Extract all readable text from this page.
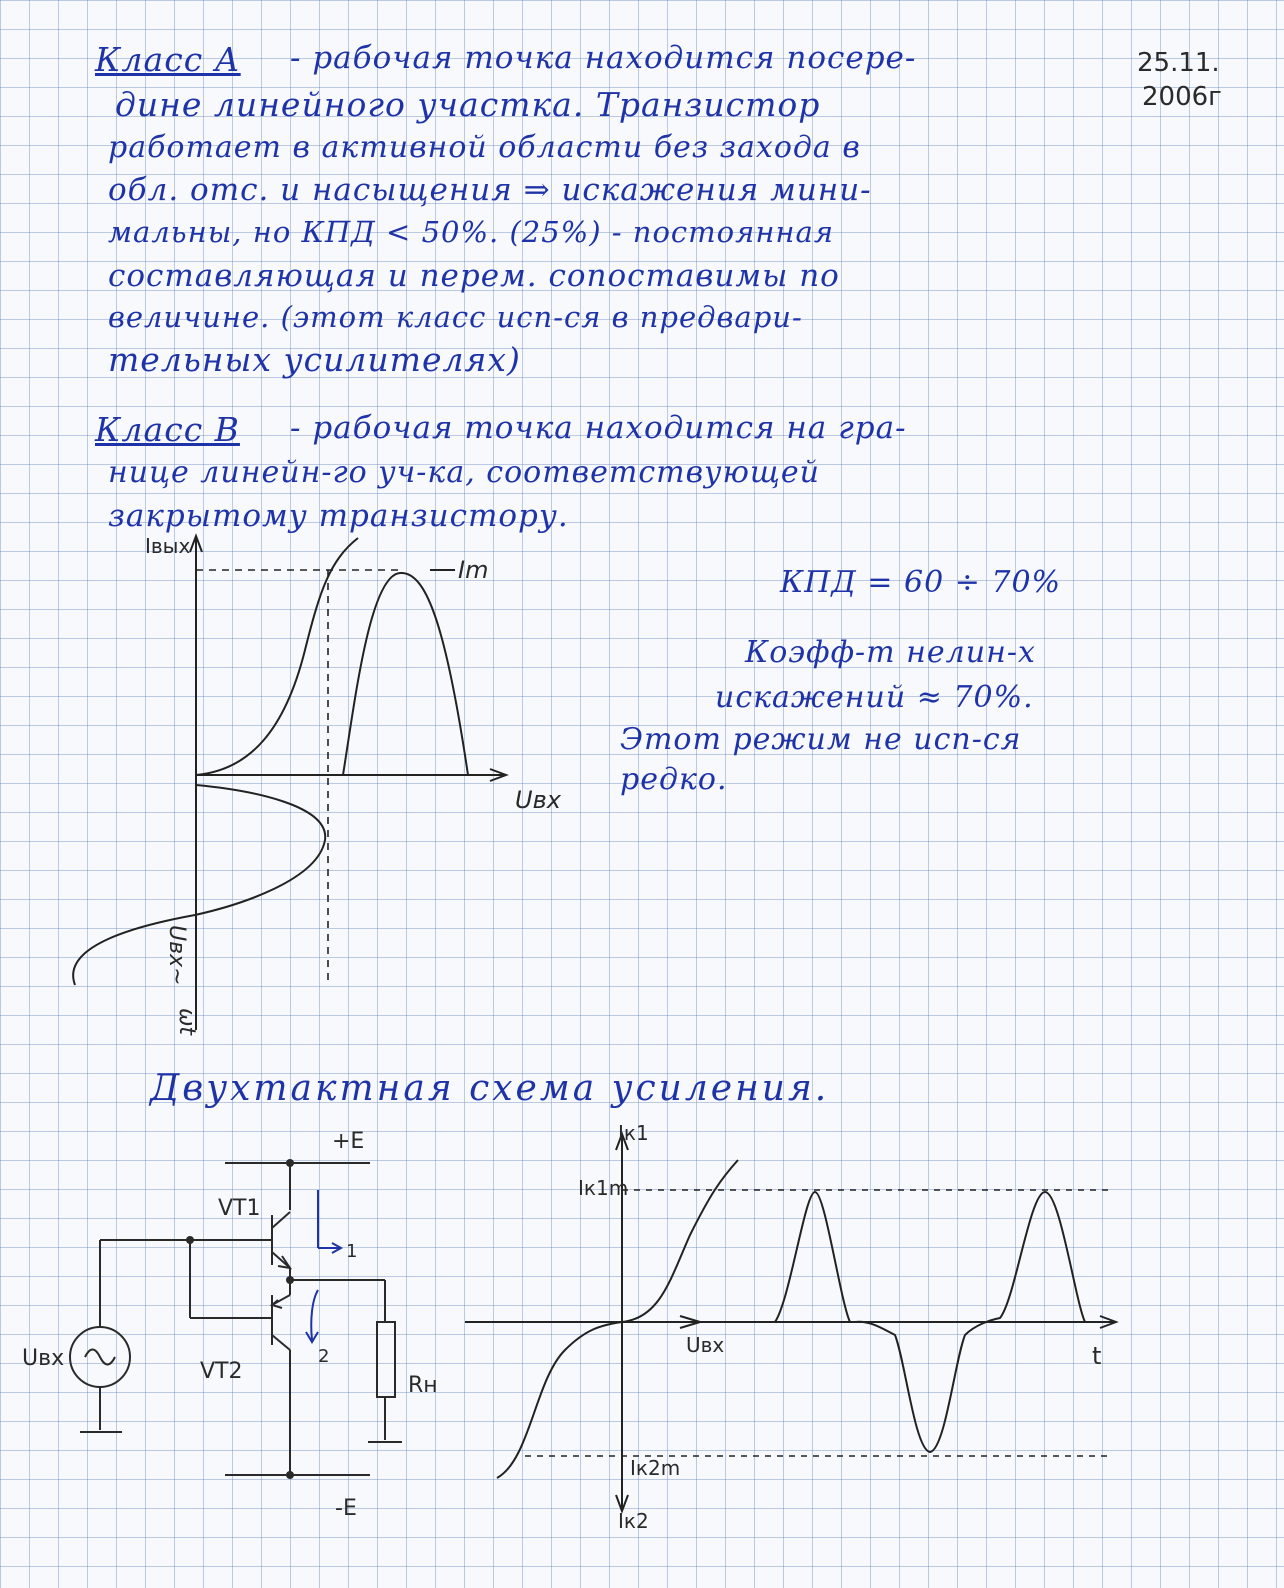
25.11.
2006г
Класс А - рабочая точка находится посере-
дине линейного участка. Транзистор
работает в активной области без захода в
обл. отс. и насыщения ⇒ искажения мини-
мальны, но КПД < 50%. (25%) - постоянная
составляющая и перем. сопоставимы по
величине. (этот класс исп-ся в предвари-
тельных усилителях)
Класс В - рабочая точка находится на гра-
нице линейн-го уч-ка, соответствующей
закрытому транзистору.
КПД = 60 ÷ 70%
Коэфф-т нелин-х
искажений ≈ 70%.
Этот режим не исп-ся
редко.
Двухтактная схема усиления.
Iвых
Im
Uвх
Uвх~
ωt
+E
-E
VT1
VT2
Uвх
Rн
1
2
Iк1
Iк1m
Uвх	t
Iк2m
Iк2
